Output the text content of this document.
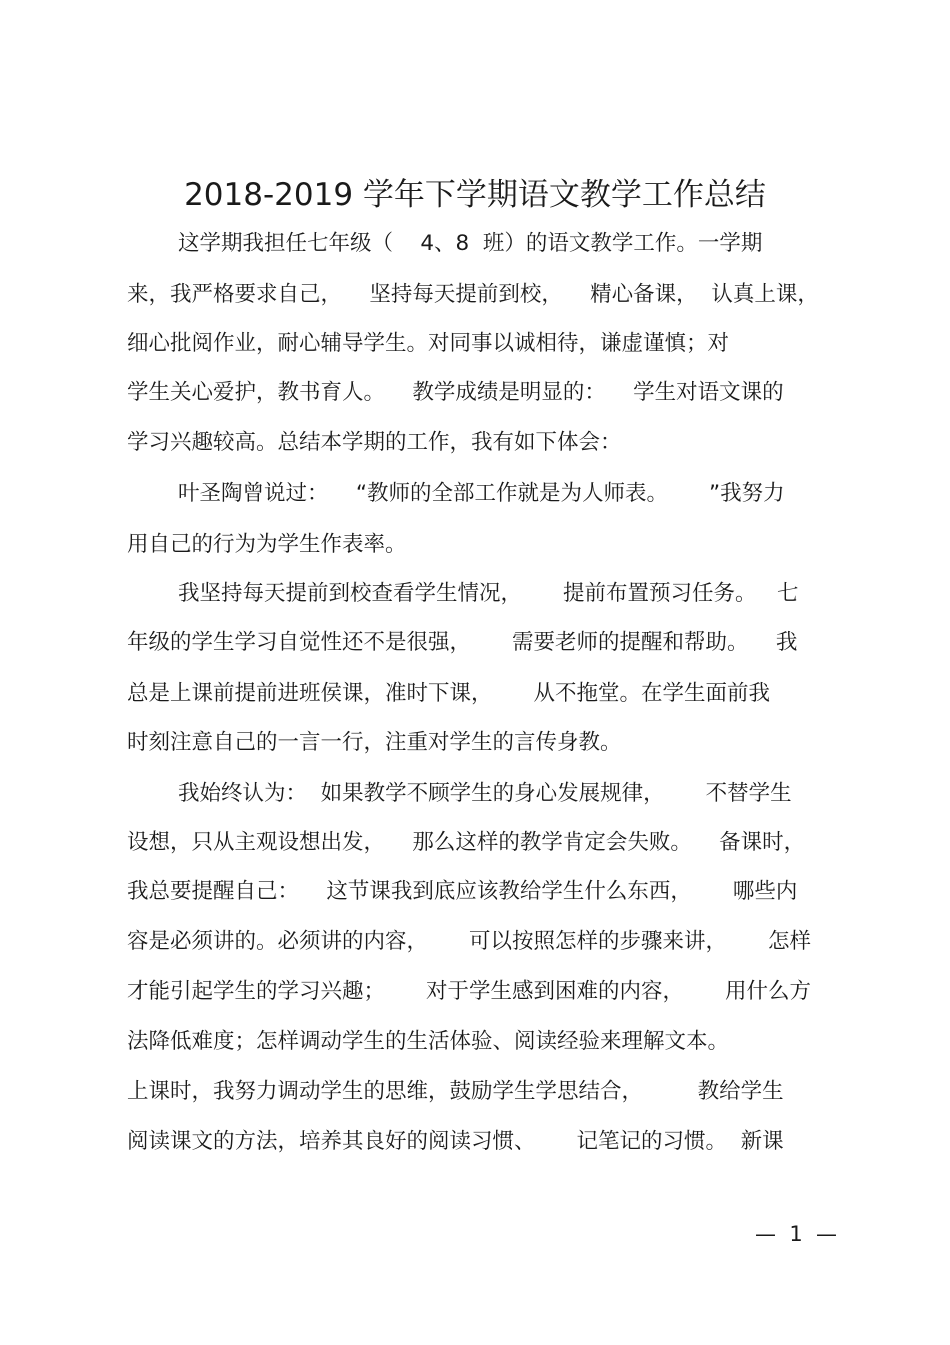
2018-2019 学年下学期语文教学工作总结
这学期我担任七年级（    4、8  班）的语文教学工作。一学期
来，我严格要求自己，    坚持每天提前到校，    精心备课，  认真上课，
细心批阅作业，耐心辅导学生。对同事以诚相待，谦虚谨慎；对
学生关心爱护，教书育人。    教学成绩是明显的：    学生对语文课的
学习兴趣较高。总结本学期的工作，我有如下体会：
叶圣陶曾说过：    “教师的全部工作就是为人师表。      ”我努力
用自己的行为为学生作表率。
我坚持每天提前到校查看学生情况，      提前布置预习任务。   七
年级的学生学习自觉性还不是很强，      需要老师的提醒和帮助。    我
总是上课前提前进班侯课，准时下课，      从不拖堂。在学生面前我
时刻注意自己的一言一行，注重对学生的言传身教。
我始终认为：  如果教学不顾学生的身心发展规律，      不替学生
设想，只从主观设想出发，    那么这样的教学肯定会失败。    备课时，
我总要提醒自己：    这节课我到底应该教给学生什么东西，      哪些内
容是必须讲的。必须讲的内容，      可以按照怎样的步骤来讲，      怎样
才能引起学生的学习兴趣；      对于学生感到困难的内容，      用什么方
法降低难度；怎样调动学生的生活体验、阅读经验来理解文本。
上课时，我努力调动学生的思维，鼓励学生学思结合，        教给学生
阅读课文的方法，培养其良好的阅读习惯、      记笔记的习惯。  新课
—  1  —
